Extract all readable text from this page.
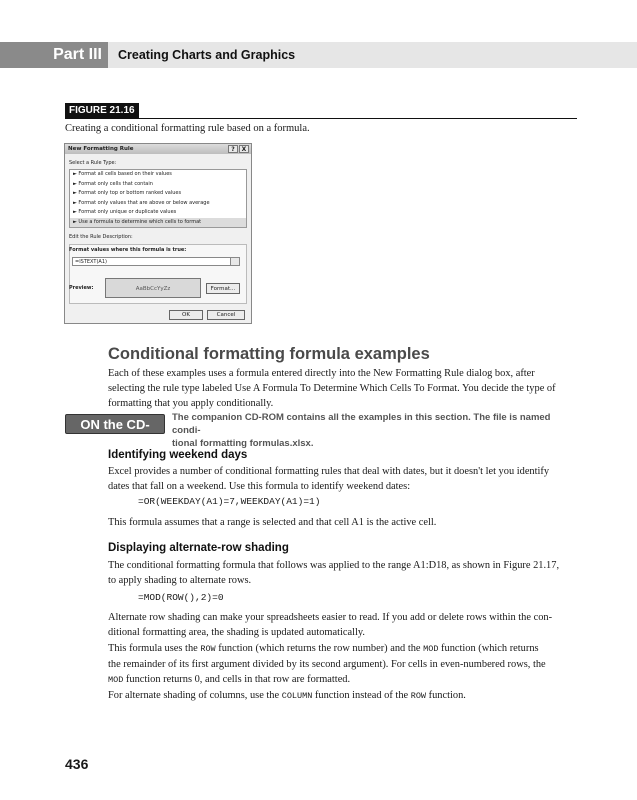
Part III	Creating Charts and Graphics
FIGURE 21.16
Creating a conditional formatting rule based on a formula.
New Formatting Rule	?	X
Select a Rule Type:
► Format all cells based on their values
► Format only cells that contain
► Format only top or bottom ranked values
► Format only values that are above or below average
► Format only unique or duplicate values
► Use a formula to determine which cells to format
Edit the Rule Description:
Format values where this formula is true:
=ISTEXT(A1)
Preview:	AaBbCcYyZz	Format...
OK	Cancel
Conditional formatting formula examples
Each of these examples uses a formula entered directly into the New Formatting Rule dialog box, after
selecting the rule type labeled Use A Formula To Determine Which Cells To Format. You decide the type of
formatting that you apply conditionally.
ON the CD-ROM
The companion CD-ROM contains all the examples in this section. The file is named condi-
tional formatting formulas.xlsx.
Identifying weekend days
Excel provides a number of conditional formatting rules that deal with dates, but it doesn't let you identify
dates that fall on a weekend. Use this formula to identify weekend dates:
=OR(WEEKDAY(A1)=7,WEEKDAY(A1)=1)
This formula assumes that a range is selected and that cell A1 is the active cell.
Displaying alternate-row shading
The conditional formatting formula that follows was applied to the range A1:D18, as shown in Figure 21.17,
to apply shading to alternate rows.
=MOD(ROW(),2)=0
Alternate row shading can make your spreadsheets easier to read. If you add or delete rows within the con-
ditional formatting area, the shading is updated automatically.
This formula uses the ROW function (which returns the row number) and the MOD function (which returns
the remainder of its first argument divided by its second argument). For cells in even-numbered rows, the
MOD function returns 0, and cells in that row are formatted.
For alternate shading of columns, use the COLUMN function instead of the ROW function.
436
